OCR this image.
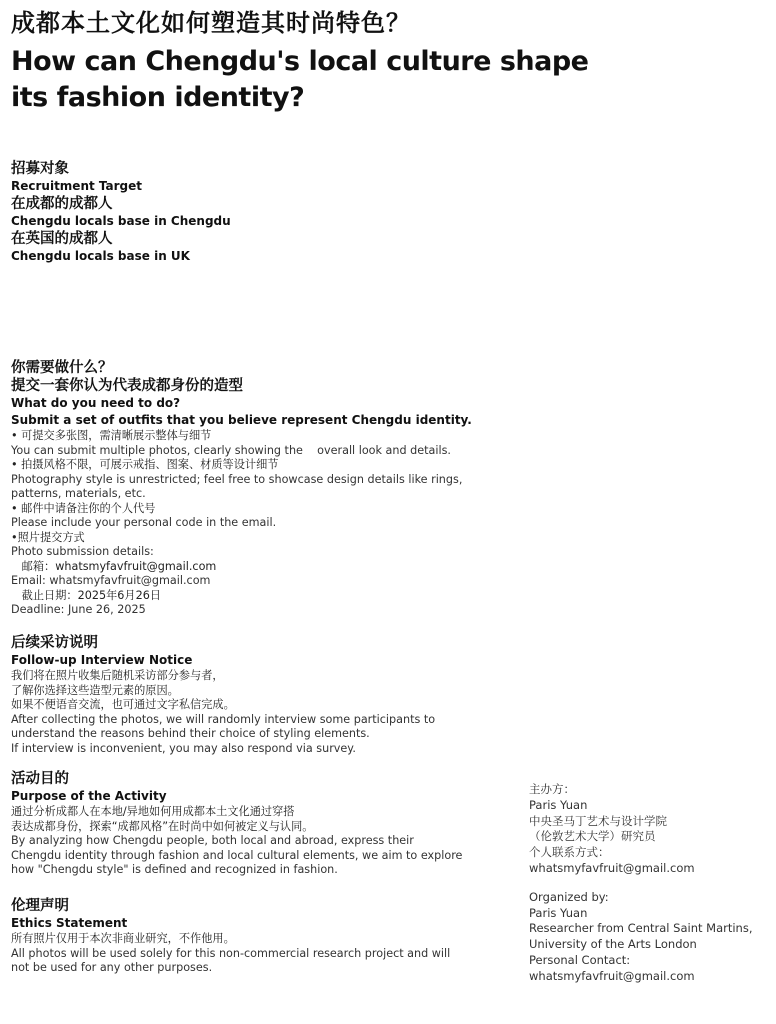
成都本土文化如何塑造其时尚特色？
How can Chengdu's local culture shape
its fashion identity?
招募对象
Recruitment Target
在成都的成都人
Chengdu locals base in Chengdu
在英国的成都人
Chengdu locals base in UK
你需要做什么？
提交一套你认为代表成都身份的造型
What do you need to do?
Submit a set of outfits that you believe represent Chengdu identity.
• 可提交多张图，需清晰展示整体与细节
You can submit multiple photos, clearly showing the    overall look and details.
• 拍摄风格不限，可展示戒指、图案、材质等设计细节
Photography style is unrestricted; feel free to showcase design details like rings, patterns, materials, etc.
• 邮件中请备注你的个人代号
Please include your personal code in the email.
•照片提交方式
Photo submission details:
邮箱：whatsmyfavfruit@gmail.com
Email: whatsmyfavfruit@gmail.com
截止日期：2025年6月26日
Deadline: June 26, 2025
后续采访说明
Follow-up Interview Notice
我们将在照片收集后随机采访部分参与者，
了解你选择这些造型元素的原因。
如果不便语音交流，也可通过文字私信完成。
After collecting the photos, we will randomly interview some participants to
understand the reasons behind their choice of styling elements.
If interview is inconvenient, you may also respond via survey.
活动目的
Purpose of the Activity
通过分析成都人在本地/异地如何用成都本土文化通过穿搭
表达成都身份，探索“成都风格”在时尚中如何被定义与认同。
By analyzing how Chengdu people, both local and abroad, express their
Chengdu identity through fashion and local cultural elements, we aim to explore
how "Chengdu style" is defined and recognized in fashion.
伦理声明
Ethics Statement
所有照片仅用于本次非商业研究，不作他用。
All photos will be used solely for this non-commercial research project and will
not be used for any other purposes.
主办方：
Paris Yuan
中央圣马丁艺术与设计学院
（伦敦艺术大学）研究员
个人联系方式：
whatsmyfavfruit@gmail.com
Organized by:
Paris Yuan
Researcher from Central Saint Martins,
University of the Arts London
Personal Contact:
whatsmyfavfruit@gmail.com
